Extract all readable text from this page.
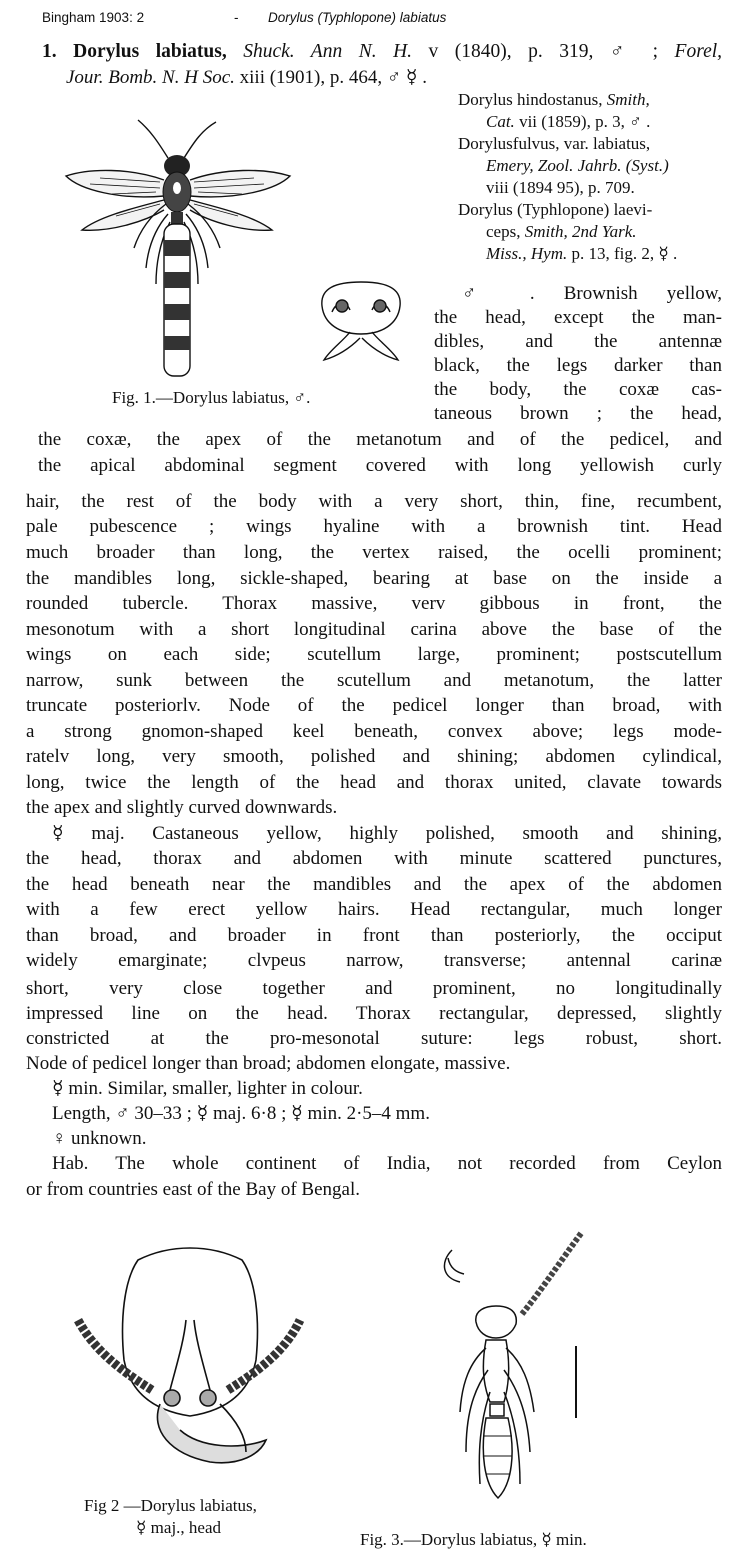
Bingham 1903: 2	- Dorylus (Typhlopone) labiatus
1. Dorylus labiatus, Shuck. Ann N. H. v (1840), p. 319, ♂ ; Forel,
Jour. Bomb. N. H Soc. xiii (1901), p. 464, ♂ ☿ .
Dorylus hindostanus, Smith,
Cat. vii (1859), p. 3, ♂ .
Dorylusfulvus, var. labiatus,
Emery, Zool. Jahrb. (Syst.)
viii (1894 95), p. 709.
Dorylus (Typhlopone) laevi-
ceps, Smith, 2nd Yark.
Miss., Hym. p. 13, fig. 2, ☿ .
Fig. 1.—Dorylus labiatus, ♂.
♂ . Brownish yellow,
the head, except the man-
dibles, and the antennæ
black, the legs darker than
the body, the coxæ cas-
taneous brown ; the head,
the coxæ, the apex of the metanotum and of the pedicel, and
the apical abdominal segment covered with long yellowish curly
hair, the rest of the body with a very short, thin, fine, recumbent,
pale pubescence ; wings hyaline with a brownish tint. Head
much broader than long, the vertex raised, the ocelli prominent;
the mandibles long, sickle-shaped, bearing at base on the inside a
rounded tubercle. Thorax massive, verv gibbous in front, the
mesonotum with a short longitudinal carina above the base of the
wings on each side; scutellum large, prominent; postscutellum
narrow, sunk between the scutellum and metanotum, the latter
truncate posteriorlv. Node of the pedicel longer than broad, with
a strong gnomon-shaped keel beneath, convex above; legs mode-
ratelv long, very smooth, polished and shining; abdomen cylindical,
long, twice the length of the head and thorax united, clavate towards
the apex and slightly curved downwards.
☿ maj. Castaneous yellow, highly polished, smooth and shining,
the head, thorax and abdomen with minute scattered punctures,
the head beneath near the mandibles and the apex of the abdomen
with a few erect yellow hairs. Head rectangular, much longer
than broad, and broader in front than posteriorly, the occiput
widely emarginate; clvpeus narrow, transverse; antennal carinæ
short, very close together and prominent, no longitudinally
impressed line on the head. Thorax rectangular, depressed, slightly
constricted at the pro-mesonotal suture: legs robust, short.
Node of pedicel longer than broad; abdomen elongate, massive.
☿ min. Similar, smaller, lighter in colour.
Length, ♂ 30–33 ; ☿ maj. 6·8 ; ☿ min. 2·5–4 mm.
♀ unknown.
Hab. The whole continent of India, not recorded from Ceylon
or from countries east of the Bay of Bengal.
Fig 2 —Dorylus labiatus,
☿ maj., head
Fig. 3.—Dorylus labiatus, ☿ min.
